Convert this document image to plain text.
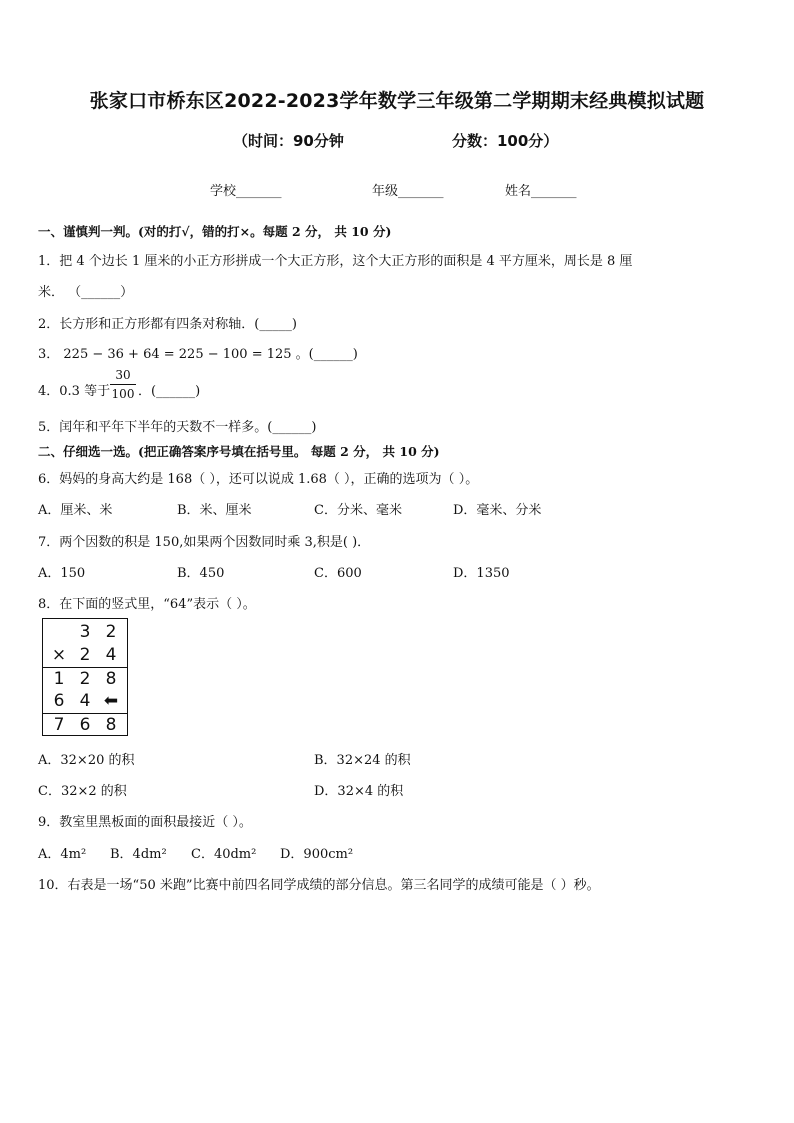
张家口市桥东区2022-2023学年数学三年级第二学期期末经典模拟试题
（时间：90分钟	分数：100分）
学校_______	年级_______	姓名_______
一、谨慎判一判。(对的打√，错的打×。每题 2 分， 共 10 分)
1．把 4 个边长 1 厘米的小正方形拼成一个大正方形，这个大正方形的面积是 4 平方厘米，周长是 8 厘
米． （______）
2．长方形和正方形都有四条对称轴．(_____)
3． 225 − 36 + 64 = 225 − 100 = 125 。(______)
4．0.3 等于 $\frac{30}{100}$ ．(______)
5．闰年和平年下半年的天数不一样多。(______)
二、仔细选一选。(把正确答案序号填在括号里。 每题 2 分， 共 10 分)
6．妈妈的身高大约是 168（ ），还可以说成 1.68（ ），正确的选项为（ ）。
A．厘米、米	B．米、厘米	C．分米、毫米	D．毫米、分米
7．两个因数的积是 150,如果两个因数同时乘 3,积是( )．
A．150	B．450	C．600	D．1350
8．在下面的竖式里，“64”表示（ ）。
3 2
× 2 4
1 2 8
6 4 ⬅
7 6 8
A．32×20 的积	B．32×24 的积
C．32×2 的积	D．32×4 的积
9．教室里黑板面的面积最接近（ ）。
A．4m² B．4dm² C．40dm² D．900cm²
10．右表是一场“50 米跑”比赛中前四名同学成绩的部分信息。第三名同学的成绩可能是（ ）秒。
